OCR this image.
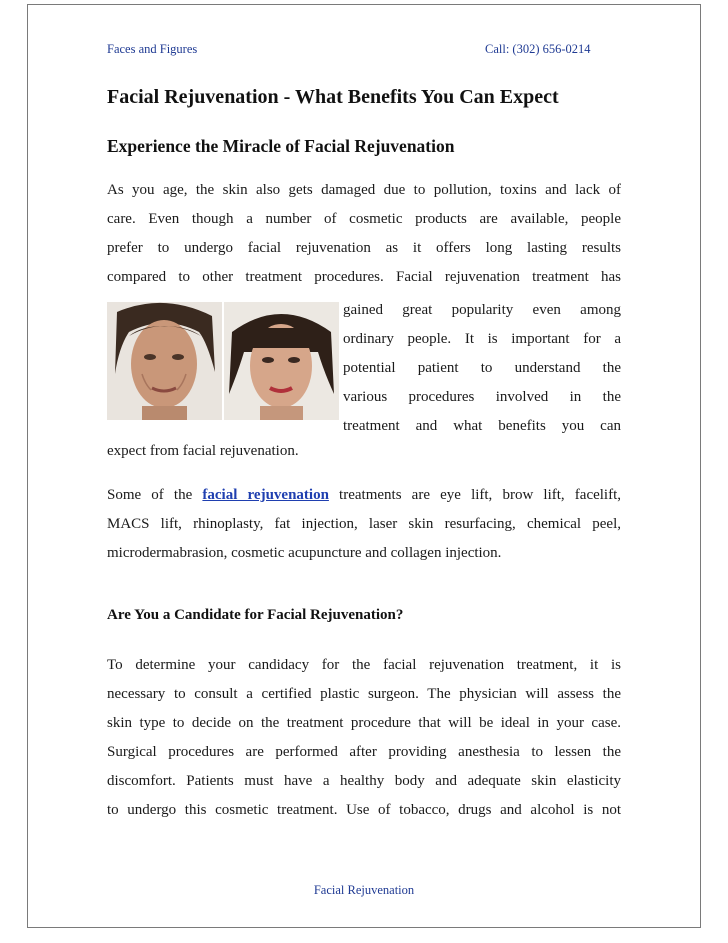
Faces and Figures	Call: (302) 656-0214
Facial Rejuvenation - What Benefits You Can Expect
Experience the Miracle of Facial Rejuvenation

As you age, the skin also gets damaged due to pollution, toxins and lack of
care. Even though a number of cosmetic products are available, people
prefer to undergo facial rejuvenation as it offers long lasting results
compared to other treatment procedures. Facial rejuvenation treatment has

gained great popularity even among
ordinary people. It is important for a
potential patient to understand the
various procedures involved in the
treatment and what benefits you can

expect from facial rejuvenation.

Some of the facial rejuvenation treatments are eye lift, brow lift, facelift,
MACS lift, rhinoplasty, fat injection, laser skin resurfacing, chemical peel,
microdermabrasion, cosmetic acupuncture and collagen injection.

Are You a Candidate for Facial Rejuvenation?

To determine your candidacy for the facial rejuvenation treatment, it is
necessary to consult a certified plastic surgeon. The physician will assess the
skin type to decide on the treatment procedure that will be ideal in your case.
Surgical procedures are performed after providing anesthesia to lessen the
discomfort. Patients must have a healthy body and adequate skin elasticity
to undergo this cosmetic treatment. Use of tobacco, drugs and alcohol is not

Facial Rejuvenation
